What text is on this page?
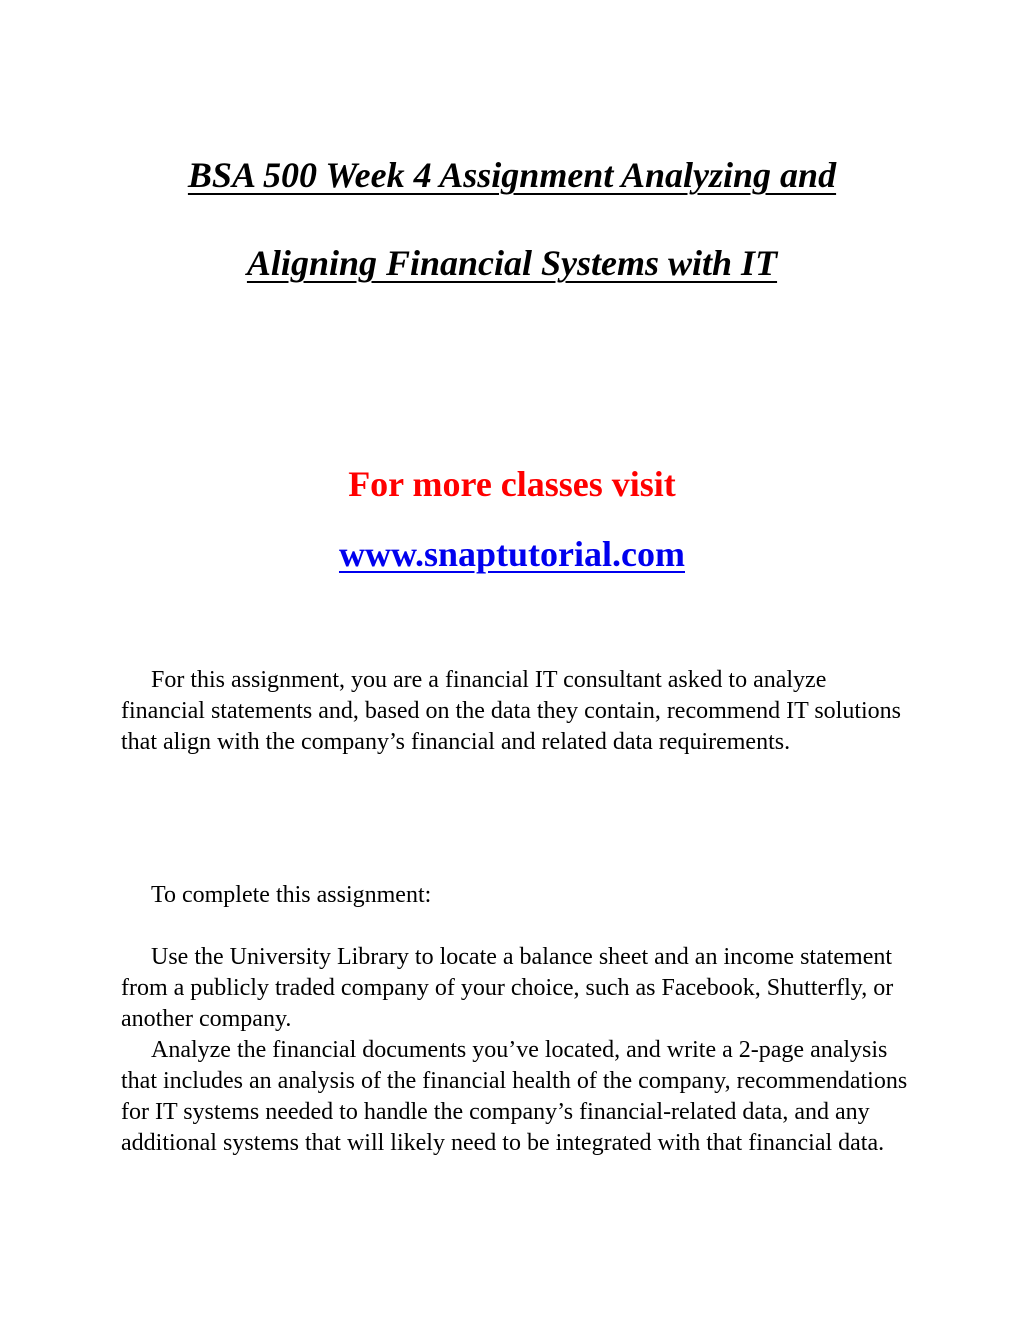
BSA 500 Week 4 Assignment Analyzing and
Aligning Financial Systems with IT
For more classes visit
www.snaptutorial.com
For this assignment, you are a financial IT consultant asked to analyze financial statements and, based on the data they contain, recommend IT solutions that align with the company’s financial and related data requirements.
To complete this assignment:
Use the University Library to locate a balance sheet and an income statement from a publicly traded company of your choice, such as Facebook, Shutterfly, or another company.
Analyze the financial documents you’ve located, and write a 2-page analysis that includes an analysis of the financial health of the company, recommendations for IT systems needed to handle the company’s financial-related data, and any additional systems that will likely need to be integrated with that financial data.
